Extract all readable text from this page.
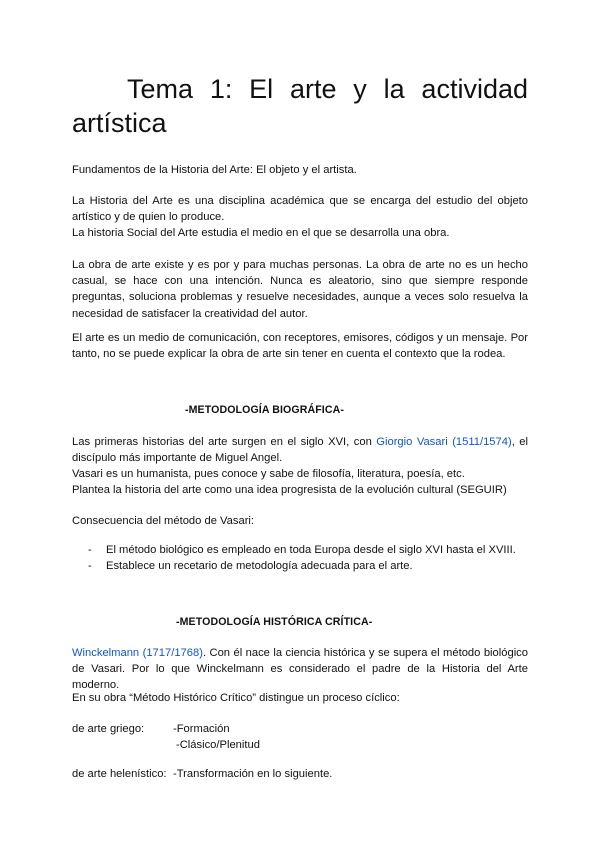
Tema 1: El arte y la actividad artística

Fundamentos de la Historia del Arte: El objeto y el artista.

La Historia del Arte es una disciplina académica que se encarga del estudio del objeto artístico y de quien lo produce.

La historia Social del Arte estudia el medio en el que se desarrolla una obra.

La obra de arte existe y es por y para muchas personas. La obra de arte no es un hecho casual, se hace con una intención. Nunca es aleatorio, sino que siempre responde preguntas, soluciona problemas y resuelve necesidades, aunque a veces solo resuelva la necesidad de satisfacer la creatividad del autor.

El arte es un medio de comunicación, con receptores, emisores, códigos y un mensaje. Por tanto, no se puede explicar la obra de arte sin tener en cuenta el contexto que la rodea.

-METODOLOGÍA BIOGRÁFICA-

Las primeras historias del arte surgen en el siglo XVI, con Giorgio Vasari (1511/1574), el discípulo más importante de Miguel Angel.

Vasari es un humanista, pues conoce y sabe de filosofía, literatura, poesía, etc.

Plantea la historia del arte como una idea progresista de la evolución cultural (SEGUIR)

Consecuencia del método de Vasari:

- El método biológico es empleado en toda Europa desde el siglo XVI hasta el XVIII.
- Establece un recetario de metodología adecuada para el arte.

-METODOLOGÍA HISTÓRICA CRÍTICA-

Winckelmann (1717/1768). Con él nace la ciencia histórica y se supera el método biológico de Vasari. Por lo que Winckelmann es considerado el padre de la Historia del Arte moderno.

En su obra “Método Histórico Crítico” distingue un proceso cíclico:

de arte griego:	-Formación
-Clásico/Plenitud
de arte helenístico: -Transformación en lo siguiente.
